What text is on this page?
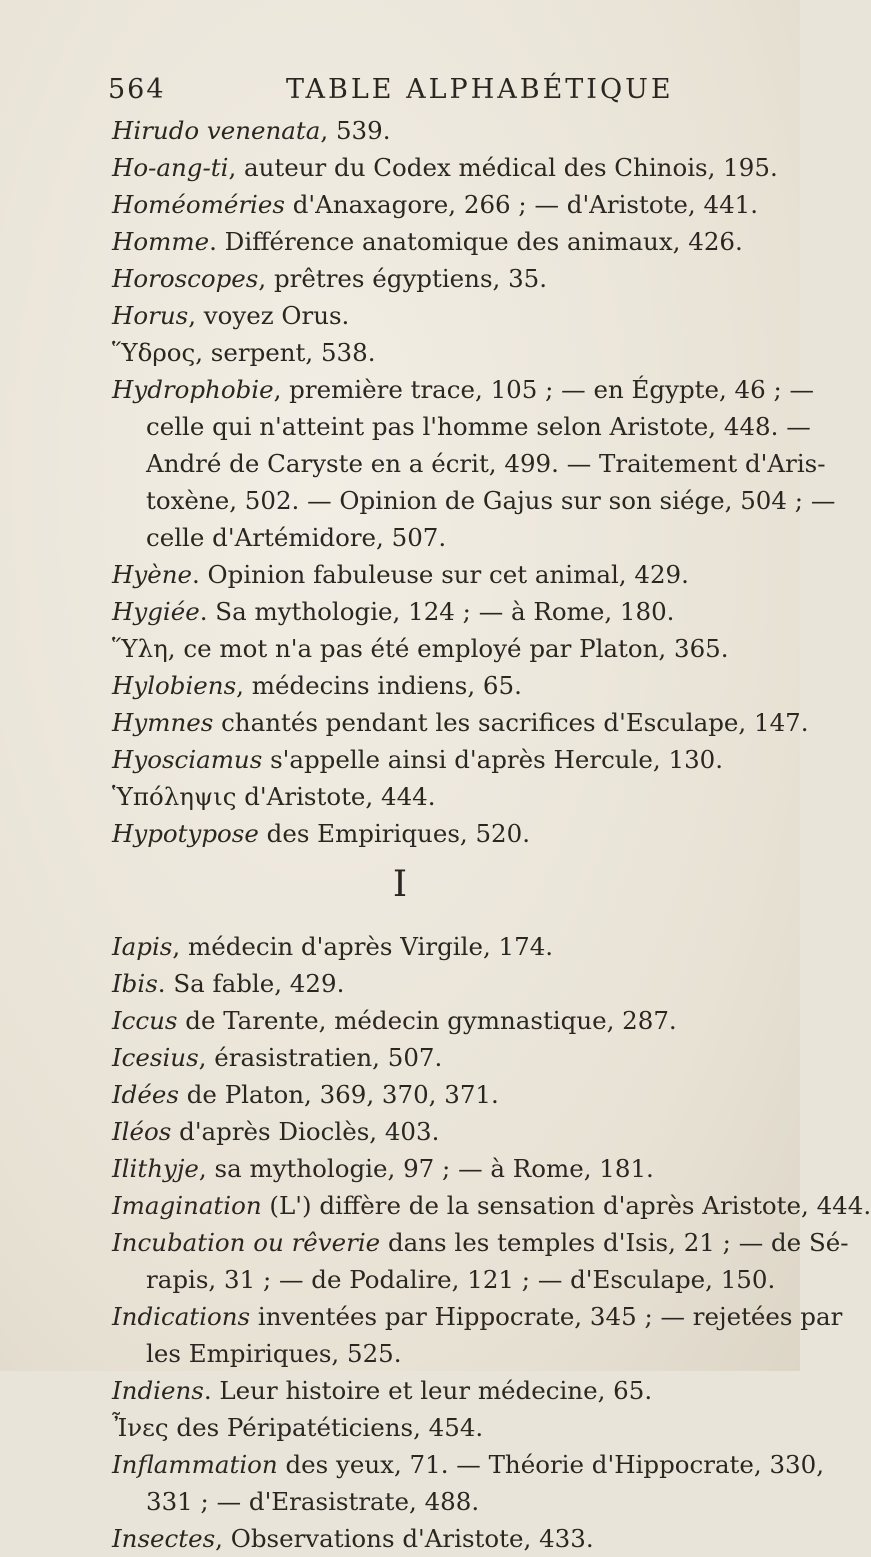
564	TABLE ALPHABÉTIQUE

Hirudo venenata, 539.

Ho-ang-ti, auteur du Codex médical des Chinois, 195.

Homéoméries d'Anaxagore, 266 ; — d'Aristote, 441.

Homme. Différence anatomique des animaux, 426.

Horoscopes, prêtres égyptiens, 35.

Horus, voyez Orus.

Ὕδρος, serpent, 538.

Hydrophobie, première trace, 105 ; — en Égypte, 46 ; —
celle qui n'atteint pas l'homme selon Aristote, 448. —
André de Caryste en a écrit, 499. — Traitement d'Aris-
toxène, 502. — Opinion de Gajus sur son siége, 504 ; —
celle d'Artémidore, 507.

Hyène. Opinion fabuleuse sur cet animal, 429.

Hygiée. Sa mythologie, 124 ; — à Rome, 180.

Ὕλη, ce mot n'a pas été employé par Platon, 365.

Hylobiens, médecins indiens, 65.

Hymnes chantés pendant les sacrifices d'Esculape, 147.

Hyosciamus s'appelle ainsi d'après Hercule, 130.

Ὑπόληψις d'Aristote, 444.

Hypotypose des Empiriques, 520.

I

Iapis, médecin d'après Virgile, 174.

Ibis. Sa fable, 429.

Iccus de Tarente, médecin gymnastique, 287.

Icesius, érasistratien, 507.

Idées de Platon, 369, 370, 371.

Iléos d'après Dioclès, 403.

Ilithyje, sa mythologie, 97 ; — à Rome, 181.

Imagination (L') diffère de la sensation d'après Aristote, 444.

Incubation ou rêverie dans les temples d'Isis, 21 ; — de Sé-
rapis, 31 ; — de Podalire, 121 ; — d'Esculape, 150.

Indications inventées par Hippocrate, 345 ; — rejetées par
les Empiriques, 525.

Indiens. Leur histoire et leur médecine, 65.

Ἶνες des Péripatéticiens, 454.

Inflammation des yeux, 71. — Théorie d'Hippocrate, 330,
331 ; — d'Erasistrate, 488.

Insectes, Observations d'Aristote, 433.
